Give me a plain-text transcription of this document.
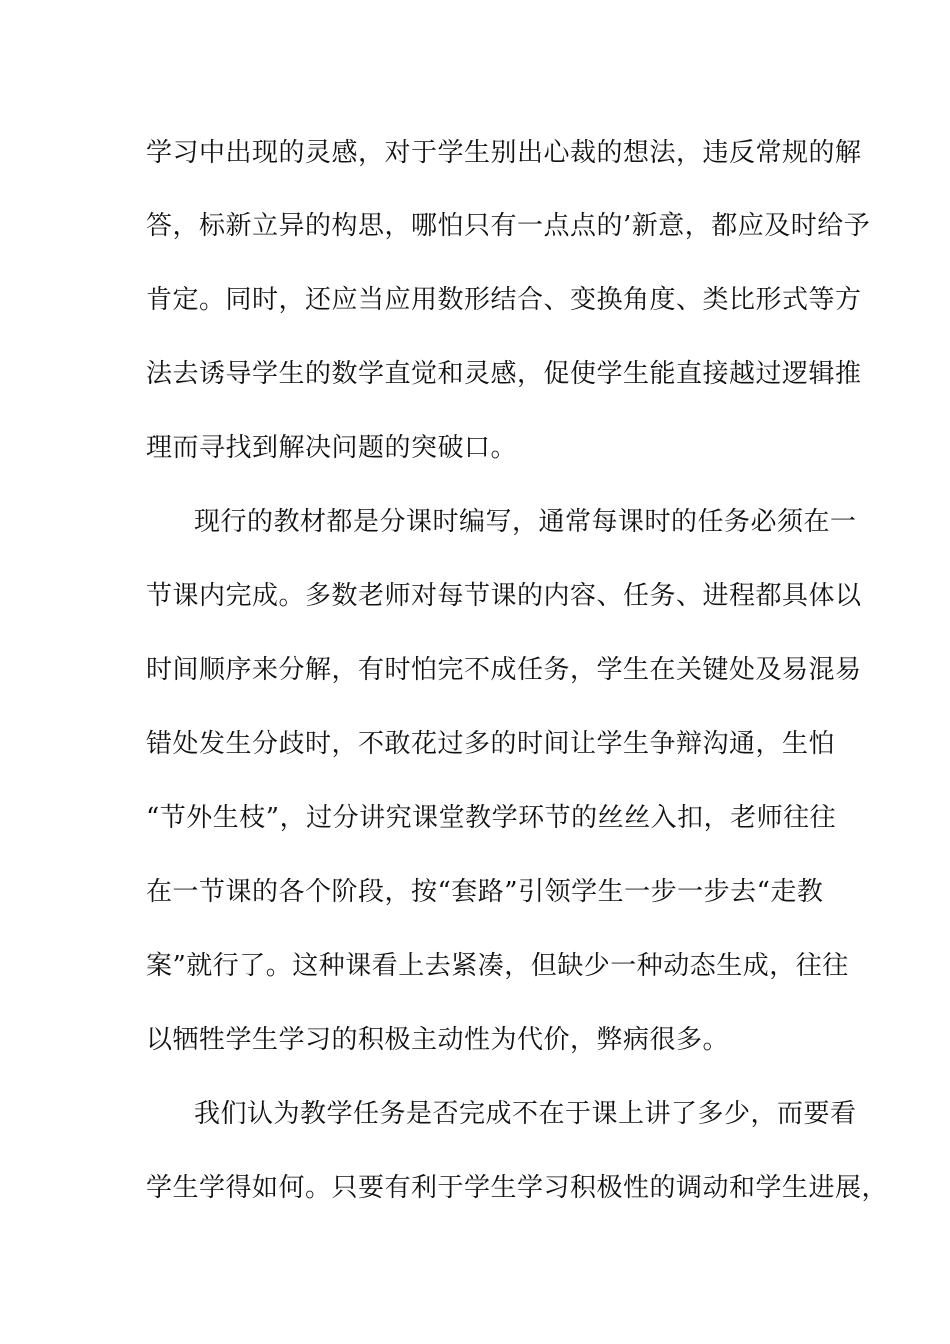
学习中出现的灵感，对于学生别出心裁的想法，违反常规的解
答，标新立异的构思，哪怕只有一点点的’新意，都应及时给予
肯定。同时，还应当应用数形结合、变换角度、类比形式等方
法去诱导学生的数学直觉和灵感，促使学生能直接越过逻辑推
理而寻找到解决问题的突破口。
现行的教材都是分课时编写，通常每课时的任务必须在一
节课内完成。多数老师对每节课的内容、任务、进程都具体以
时间顺序来分解，有时怕完不成任务，学生在关键处及易混易
错处发生分歧时，不敢花过多的时间让学生争辩沟通，生怕
“节外生枝”，过分讲究课堂教学环节的丝丝入扣，老师往往
在一节课的各个阶段，按“套路”引领学生一步一步去“走教
案”就行了。这种课看上去紧凑，但缺少一种动态生成，往往
以牺牲学生学习的积极主动性为代价，弊病很多。
我们认为教学任务是否完成不在于课上讲了多少，而要看
学生学得如何。只要有利于学生学习积极性的调动和学生进展，
